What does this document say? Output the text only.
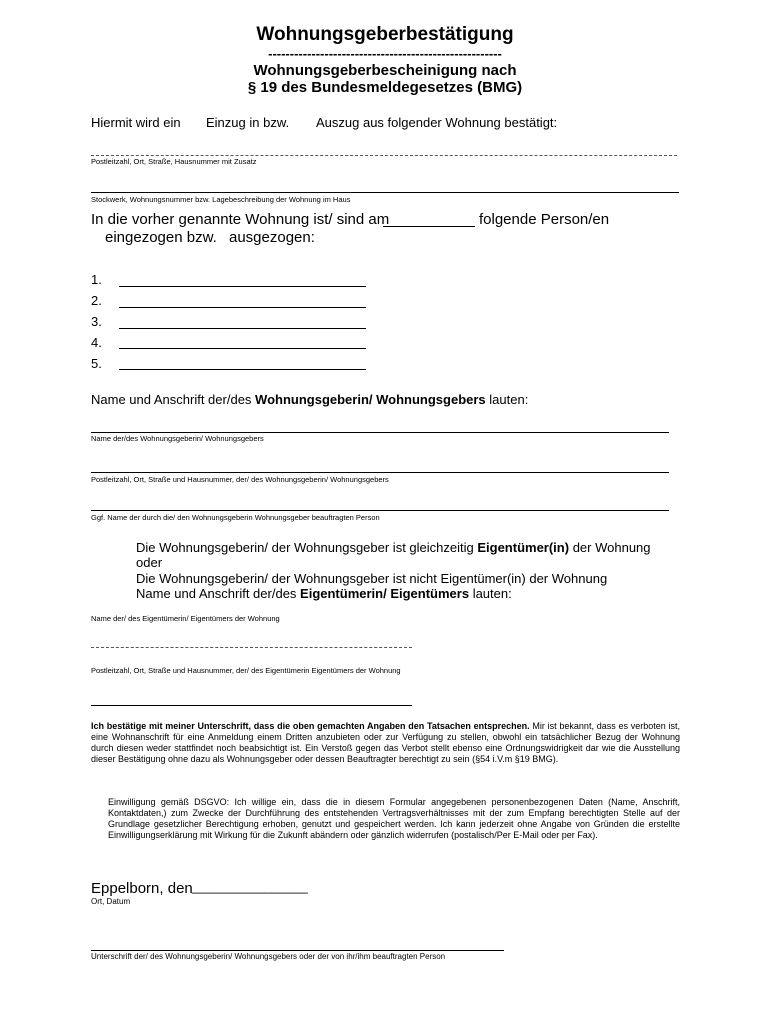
Wohnungsgeberbestätigung
------------------------------------------------------
Wohnungsgeberbescheinigung nach
§ 19 des Bundesmeldegesetzes (BMG)
Hiermit wird ein Einzug in bzw. Auszug aus folgender Wohnung bestätigt:
Postleitzahl, Ort, Straße, Hausnummer mit Zusatz
Stockwerk, Wohnungsnummer bzw. Lagebeschreibung der Wohnung im Haus
In die vorher genannte Wohnung ist/ sind am	folgende Person/en
eingezogen bzw. ausgezogen:
1.
2.
3.
4.
5.
Name und Anschrift der/des Wohnungsgeberin/ Wohnungsgebers lauten:
Name der/des Wohnungsgeberin/ Wohnungsgebers
Postleitzahl, Ort, Straße und Hausnummer, der/ des Wohnungsgeberin/ Wohnungsgebers
Ggf. Name der durch die/ den Wohnungsgeberin Wohnungsgeber beauftragten Person
Die Wohnungsgeberin/ der Wohnungsgeber ist gleichzeitig Eigentümer(in) der Wohnung
oder
Die Wohnungsgeberin/ der Wohnungsgeber ist nicht Eigentümer(in) der Wohnung
Name und Anschrift der/des Eigentümerin/ Eigentümers lauten:
Name der/ des Eigentümerin/ Eigentümers der Wohnung
Postleitzahl, Ort, Straße und Hausnummer, der/ des Eigentümerin Eigentümers der Wohnung
Ich bestätige mit meiner Unterschrift, dass die oben gemachten Angaben den Tatsachen entsprechen. Mir ist bekannt, dass es verboten ist, eine Wohnanschrift für eine Anmeldung einem Dritten anzubieten oder zur Verfügung zu stellen, obwohl ein tatsächlicher Bezug der Wohnung durch diesen weder stattfindet noch beabsichtigt ist. Ein Verstoß gegen das Verbot stellt ebenso eine Ordnungswidrigkeit dar wie die Ausstellung dieser Bestätigung ohne dazu als Wohnungsgeber oder dessen Beauftragter berechtigt zu sein (§54 i.V.m §19 BMG).
Einwilligung gemäß DSGVO: Ich willige ein, dass die in diesem Formular angegebenen personenbezogenen Daten (Name, Anschrift, Kontaktdaten,) zum Zwecke der Durchführung des entstehenden Vertragsverhältnisses mit der zum Empfang berechtigten Stelle auf der Grundlage gesetzlicher Berechtigung erhoben, genutzt und gespeichert werden. Ich kann jederzeit ohne Angabe von Gründen die erstellte Einwilligungserklärung mit Wirkung für die Zukunft abändern oder gänzlich widerrufen (postalisch/Per E-Mail oder per Fax).
Eppelborn, den ________________
Ort, Datum
Unterschrift der/ des Wohnungsgeberin/ Wohnungsgebers oder der von ihr/ihm beauftragten Person
